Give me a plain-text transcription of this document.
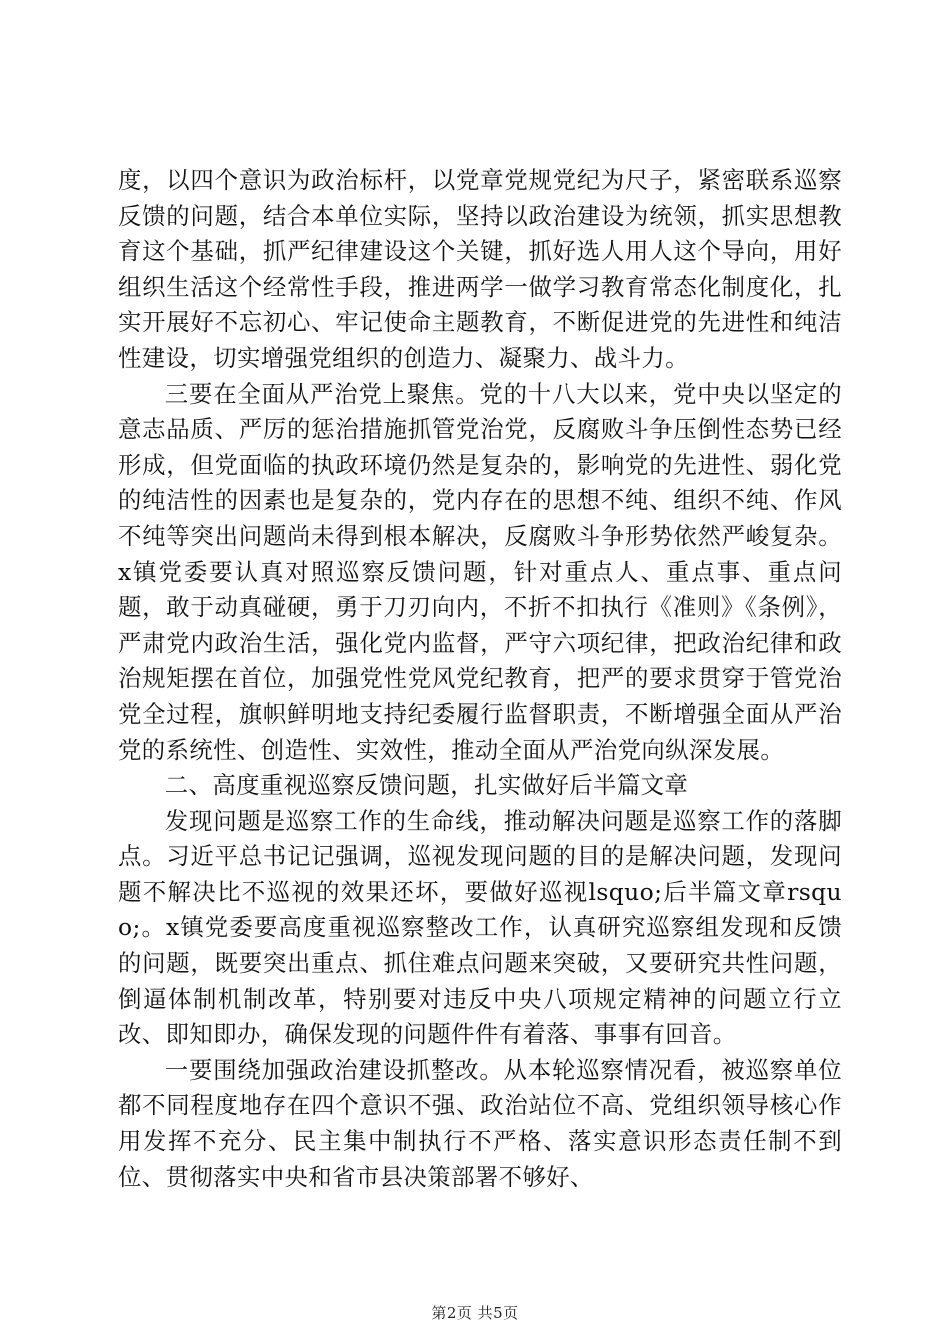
度，以四个意识为政治标杆，以党章党规党纪为尺子，紧密联系巡察反馈的问题，结合本单位实际，坚持以政治建设为统领，抓实思想教育这个基础，抓严纪律建设这个关键，抓好选人用人这个导向，用好组织生活这个经常性手段，推进两学一做学习教育常态化制度化，扎实开展好不忘初心、牢记使命主题教育，不断促进党的先进性和纯洁性建设，切实增强党组织的创造力、凝聚力、战斗力。

三要在全面从严治党上聚焦。党的十八大以来，党中央以坚定的意志品质、严厉的惩治措施抓管党治党，反腐败斗争压倒性态势已经形成，但党面临的执政环境仍然是复杂的，影响党的先进性、弱化党的纯洁性的因素也是复杂的，党内存在的思想不纯、组织不纯、作风不纯等突出问题尚未得到根本解决，反腐败斗争形势依然严峻复杂。x镇党委要认真对照巡察反馈问题，针对重点人、重点事、重点问题，敢于动真碰硬，勇于刀刃向内，不折不扣执行《准则》《条例》，严肃党内政治生活，强化党内监督，严守六项纪律，把政治纪律和政治规矩摆在首位，加强党性党风党纪教育，把严的要求贯穿于管党治党全过程，旗帜鲜明地支持纪委履行监督职责，不断增强全面从严治党的系统性、创造性、实效性，推动全面从严治党向纵深发展。

二、高度重视巡察反馈问题，扎实做好后半篇文章

发现问题是巡察工作的生命线，推动解决问题是巡察工作的落脚点。习近平总书记记强调，巡视发现问题的目的是解决问题，发现问题不解决比不巡视的效果还坏，要做好巡视lsquo;后半篇文章rsquo;。x镇党委要高度重视巡察整改工作，认真研究巡察组发现和反馈的问题，既要突出重点、抓住难点问题来突破，又要研究共性问题，倒逼体制机制改革，特别要对违反中央八项规定精神的问题立行立改、即知即办，确保发现的问题件件有着落、事事有回音。

一要围绕加强政治建设抓整改。从本轮巡察情况看，被巡察单位都不同程度地存在四个意识不强、政治站位不高、党组织领导核心作用发挥不充分、民主集中制执行不严格、落实意识形态责任制不到位、贯彻落实中央和省市县决策部署不够好、

第2页 共5页
